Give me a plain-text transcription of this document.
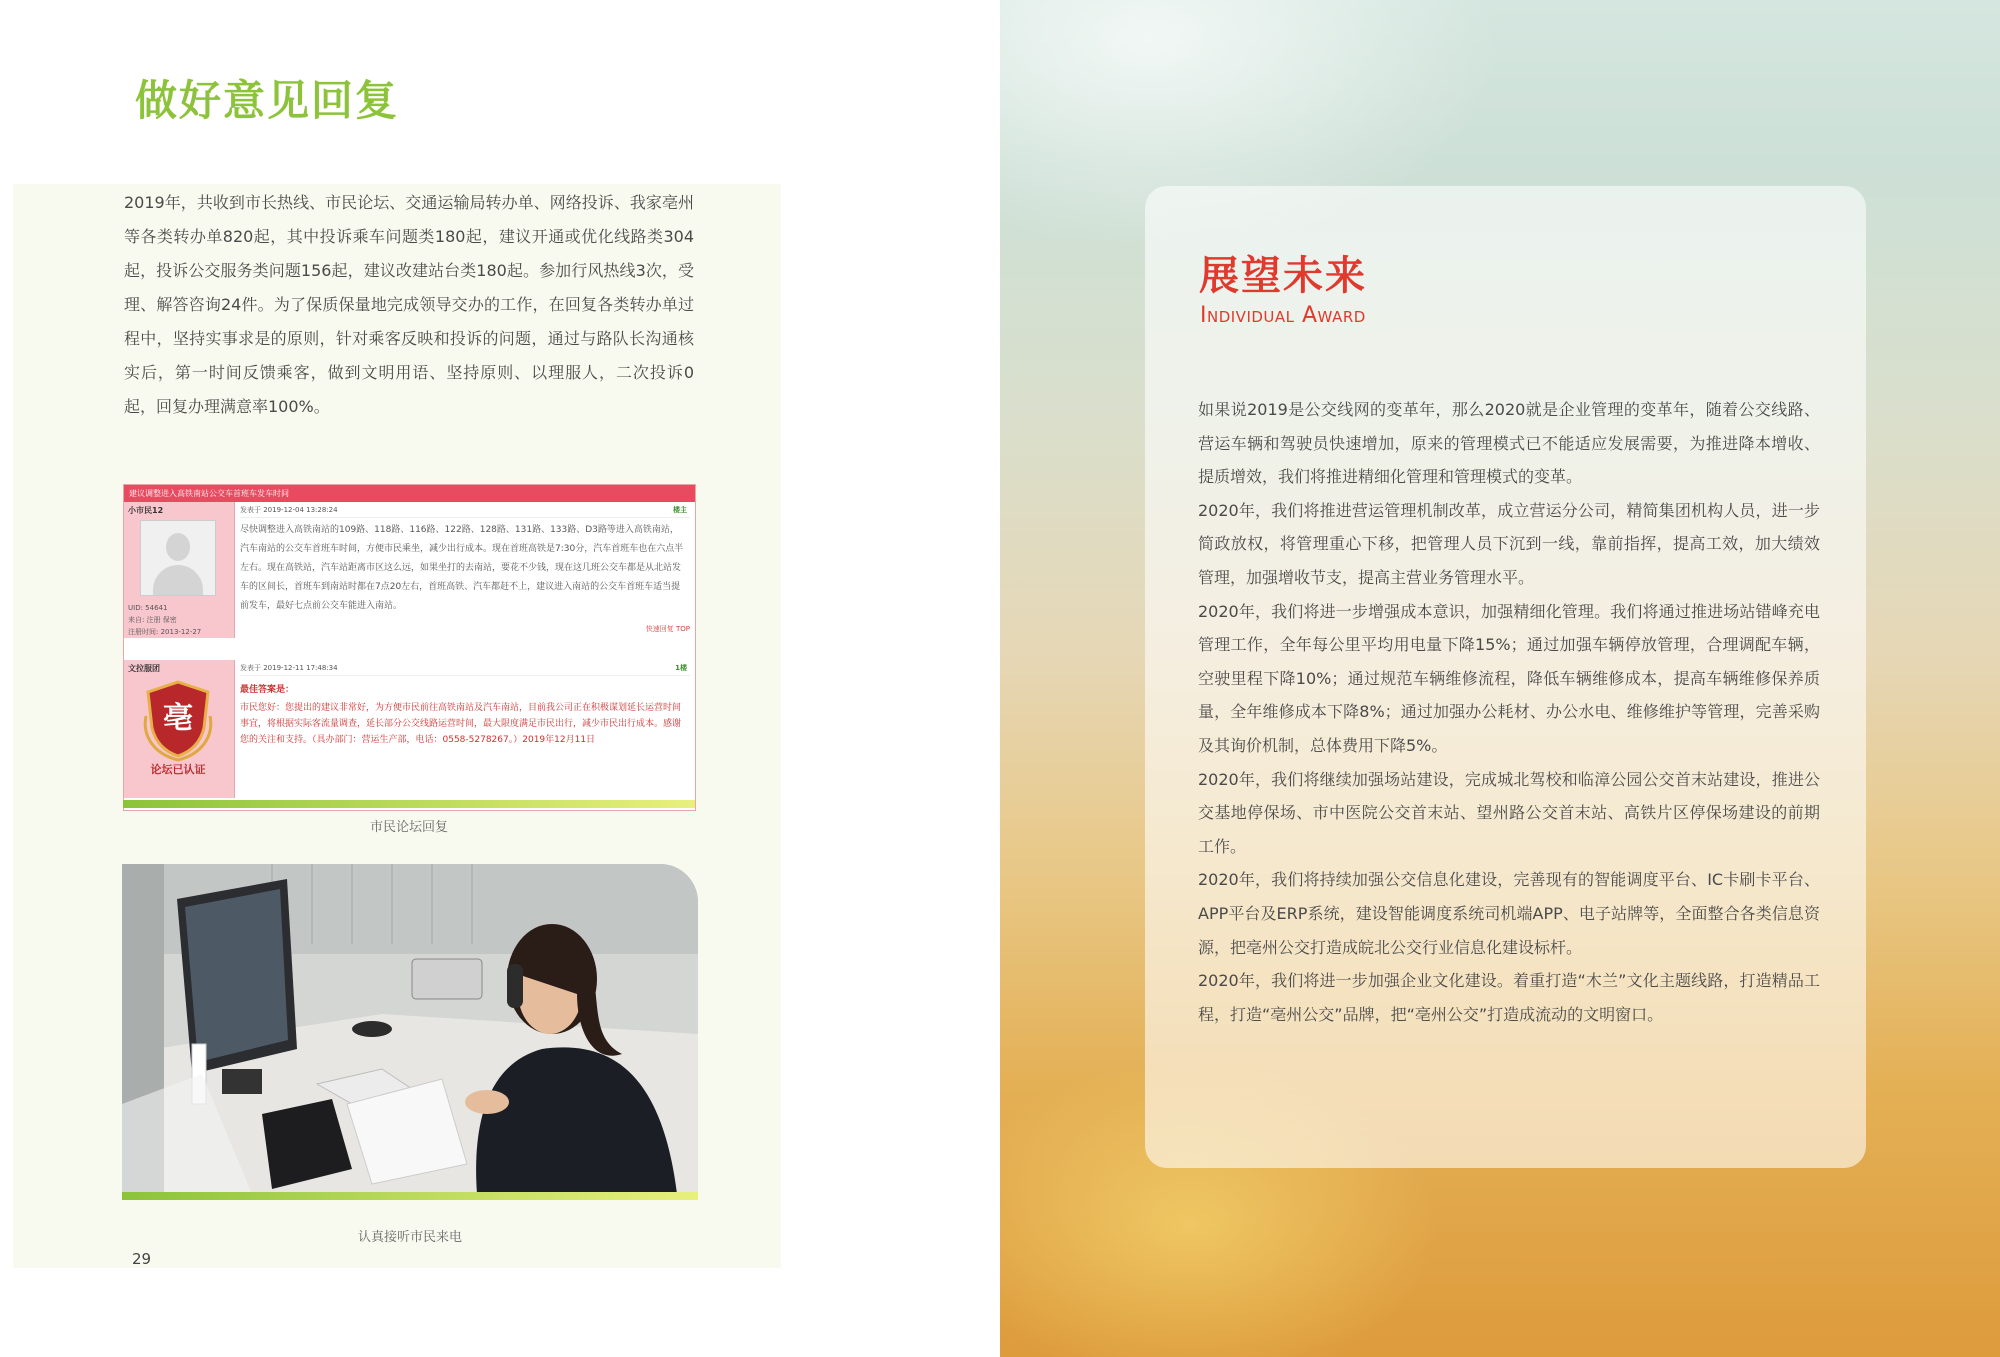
做好意见回复

2019年，共收到市长热线、市民论坛、交通运输局转办单、网络投诉、我家亳州等各类转办单820起，其中投诉乘车问题类180起，建议开通或优化线路类304起，投诉公交服务类问题156起，建议改建站台类180起。参加行风热线3次，受理、解答咨询24件。为了保质保量地完成领导交办的工作，在回复各类转办单过程中，坚持实事求是的原则，针对乘客反映和投诉的问题，通过与路队长沟通核实后，第一时间反馈乘客，做到文明用语、坚持原则、以理服人，二次投诉0起，回复办理满意率100%。

建议调整进入高铁南站公交车首班车发车时间
小市民12
UID: 54641
来自: 注册 保密
注册时间: 2013-12-27
发表于 2019-12-04 13:28:24	楼主

尽快调整进入高铁南站的109路、118路、116路、122路、128路、131路、133路、D3路等进入高铁南站，汽车南站的公交车首班车时间，方便市民乘坐，减少出行成本。现在首班高铁是7:30分，汽车首班车也在六点半左右。现在高铁站，汽车站距离市区这么远，如果坐打的去南站，要花不少钱，现在这几班公交车都是从北站发车的区间长，首班车到南站时都在7点20左右，首班高铁、汽车都赶不上，建议进入南站的公交车首班车适当提前发车，最好七点前公交车能进入南站。

快速回复 TOP
文拉服团
亳
论坛已认证
发表于 2019-12-11 17:48:34	1楼
最佳答案是：

市民您好：您提出的建议非常好，为方便市民前往高铁南站及汽车南站，目前我公司正在积极谋划延长运营时间事宜，将根据实际客流量调查，延长部分公交线路运营时间，最大限度满足市民出行，减少市民出行成本。感谢您的关注和支持。（具办部门：营运生产部，电话：0558-5278267。）2019年12月11日

市民论坛回复
认真接听市民来电
29
展望未来
Individual Award
如果说2019是公交线网的变革年，那么2020就是企业管理的变革年，随着公交线路、营运车辆和驾驶员快速增加，原来的管理模式已不能适应发展需要，为推进降本增收、提质增效，我们将推进精细化管理和管理模式的变革。
2020年，我们将推进营运管理机制改革，成立营运分公司，精简集团机构人员，进一步简政放权，将管理重心下移，把管理人员下沉到一线，靠前指挥，提高工效，加大绩效管理，加强增收节支，提高主营业务管理水平。
2020年，我们将进一步增强成本意识，加强精细化管理。我们将通过推进场站错峰充电管理工作，全年每公里平均用电量下降15%；通过加强车辆停放管理，合理调配车辆，空驶里程下降10%；通过规范车辆维修流程，降低车辆维修成本，提高车辆维修保养质量，全年维修成本下降8%；通过加强办公耗材、办公水电、维修维护等管理，完善采购及其询价机制，总体费用下降5%。
2020年，我们将继续加强场站建设，完成城北驾校和临漳公园公交首末站建设，推进公交基地停保场、市中医院公交首末站、望州路公交首末站、高铁片区停保场建设的前期工作。
2020年，我们将持续加强公交信息化建设，完善现有的智能调度平台、IC卡刷卡平台、APP平台及ERP系统，建设智能调度系统司机端APP、电子站牌等，全面整合各类信息资源，把亳州公交打造成皖北公交行业信息化建设标杆。
2020年，我们将进一步加强企业文化建设。着重打造“木兰”文化主题线路，打造精品工程，打造“亳州公交”品牌，把“亳州公交”打造成流动的文明窗口。
